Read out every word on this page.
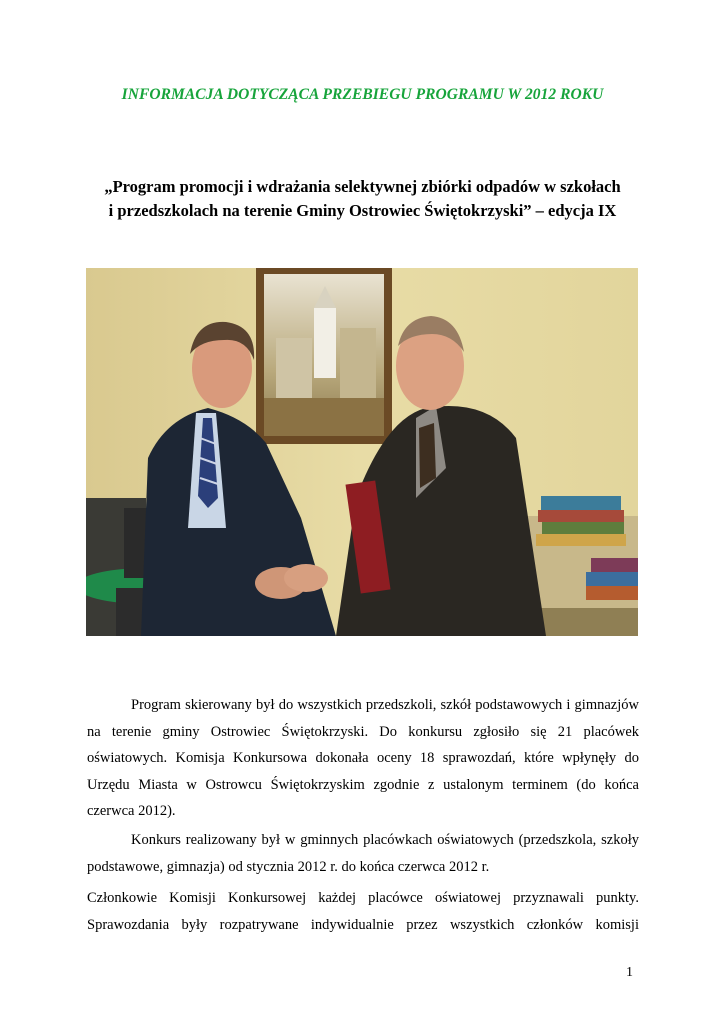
INFORMACJA DOTYCZĄCA PRZEBIEGU PROGRAMU W 2012 ROKU
„Program promocji i wdrażania selektywnej zbiórki odpadów w szkołach
i przedszkolach na terenie Gminy Ostrowiec Świętokrzyski” – edycja IX
Program skierowany był do wszystkich przedszkoli, szkół podstawowych i gimnazjów
na terenie gminy Ostrowiec Świętokrzyski. Do konkursu zgłosiło się 21 placówek
oświatowych. Komisja Konkursowa dokonała oceny 18 sprawozdań, które wpłynęły do
Urzędu Miasta w Ostrowcu Świętokrzyskim zgodnie z ustalonym terminem (do końca
czerwca 2012).
Konkurs realizowany był w gminnych placówkach oświatowych (przedszkola, szkoły
podstawowe, gimnazja) od stycznia 2012 r. do końca czerwca 2012 r.
Członkowie Komisji Konkursowej każdej placówce oświatowej przyznawali punkty.
Sprawozdania były rozpatrywane indywidualnie przez wszystkich członków komisji
1
